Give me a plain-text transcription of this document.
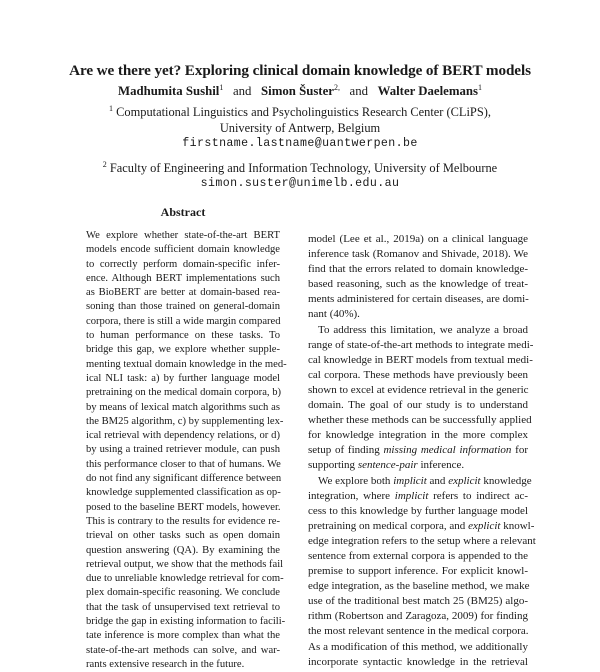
Are we there yet? Exploring clinical domain knowledge of BERT models
Madhumita Sushil$^1$ and Simon Šuster$^{2,}$ and Walter Daelemans$^1$
$^1$ Computational Linguistics and Psycholinguistics Research Center (CLiPS),
University of Antwerp, Belgium
firstname.lastname@uantwerpen.be
$^2$ Faculty of Engineering and Information Technology, University of Melbourne
simon.suster@unimelb.edu.au
Abstract
We explore whether state-of-the-art BERT
models encode sufficient domain knowledge
to correctly perform domain-specific infer-
ence. Although BERT implementations such
as BioBERT are better at domain-based rea-
soning than those trained on general-domain
corpora, there is still a wide margin compared
to human performance on these tasks. To
bridge this gap, we explore whether supple-
menting textual domain knowledge in the med-
ical NLI task: a) by further language model
pretraining on the medical domain corpora, b)
by means of lexical match algorithms such as
the BM25 algorithm, c) by supplementing lex-
ical retrieval with dependency relations, or d)
by using a trained retriever module, can push
this performance closer to that of humans. We
do not find any significant difference between
knowledge supplemented classification as op-
posed to the baseline BERT models, however.
This is contrary to the results for evidence re-
trieval on other tasks such as open domain
question answering (QA). By examining the
retrieval output, we show that the methods fail
due to unreliable knowledge retrieval for com-
plex domain-specific reasoning. We conclude
that the task of unsupervised text retrieval to
bridge the gap in existing information to facili-
tate inference is more complex than what the
state-of-the-art methods can solve, and war-
rants extensive research in the future.
model (Lee et al., 2019a) on a clinical language
inference task (Romanov and Shivade, 2018). We
find that the errors related to domain knowledge-
based reasoning, such as the knowledge of treat-
ments administered for certain diseases, are domi-
nant (40%).
To address this limitation, we analyze a broad
range of state-of-the-art methods to integrate medi-
cal knowledge in BERT models from textual medi-
cal corpora. These methods have previously been
shown to excel at evidence retrieval in the generic
domain. The goal of our study is to understand
whether these methods can be successfully applied
for knowledge integration in the more complex
setup of finding missing medical information for
supporting sentence-pair inference.
We explore both implicit and explicit knowledge
integration, where implicit refers to indirect ac-
cess to this knowledge by further language model
pretraining on medical corpora, and explicit knowl-
edge integration refers to the setup where a relevant
sentence from external corpora is appended to the
premise to support inference. For explicit knowl-
edge integration, as the baseline method, we make
use of the traditional best match 25 (BM25) algo-
rithm (Robertson and Zaragoza, 2009) for finding
the most relevant sentence in the medical corpora.
As a modification of this method, we additionally
incorporate syntactic knowledge in the retrieval
